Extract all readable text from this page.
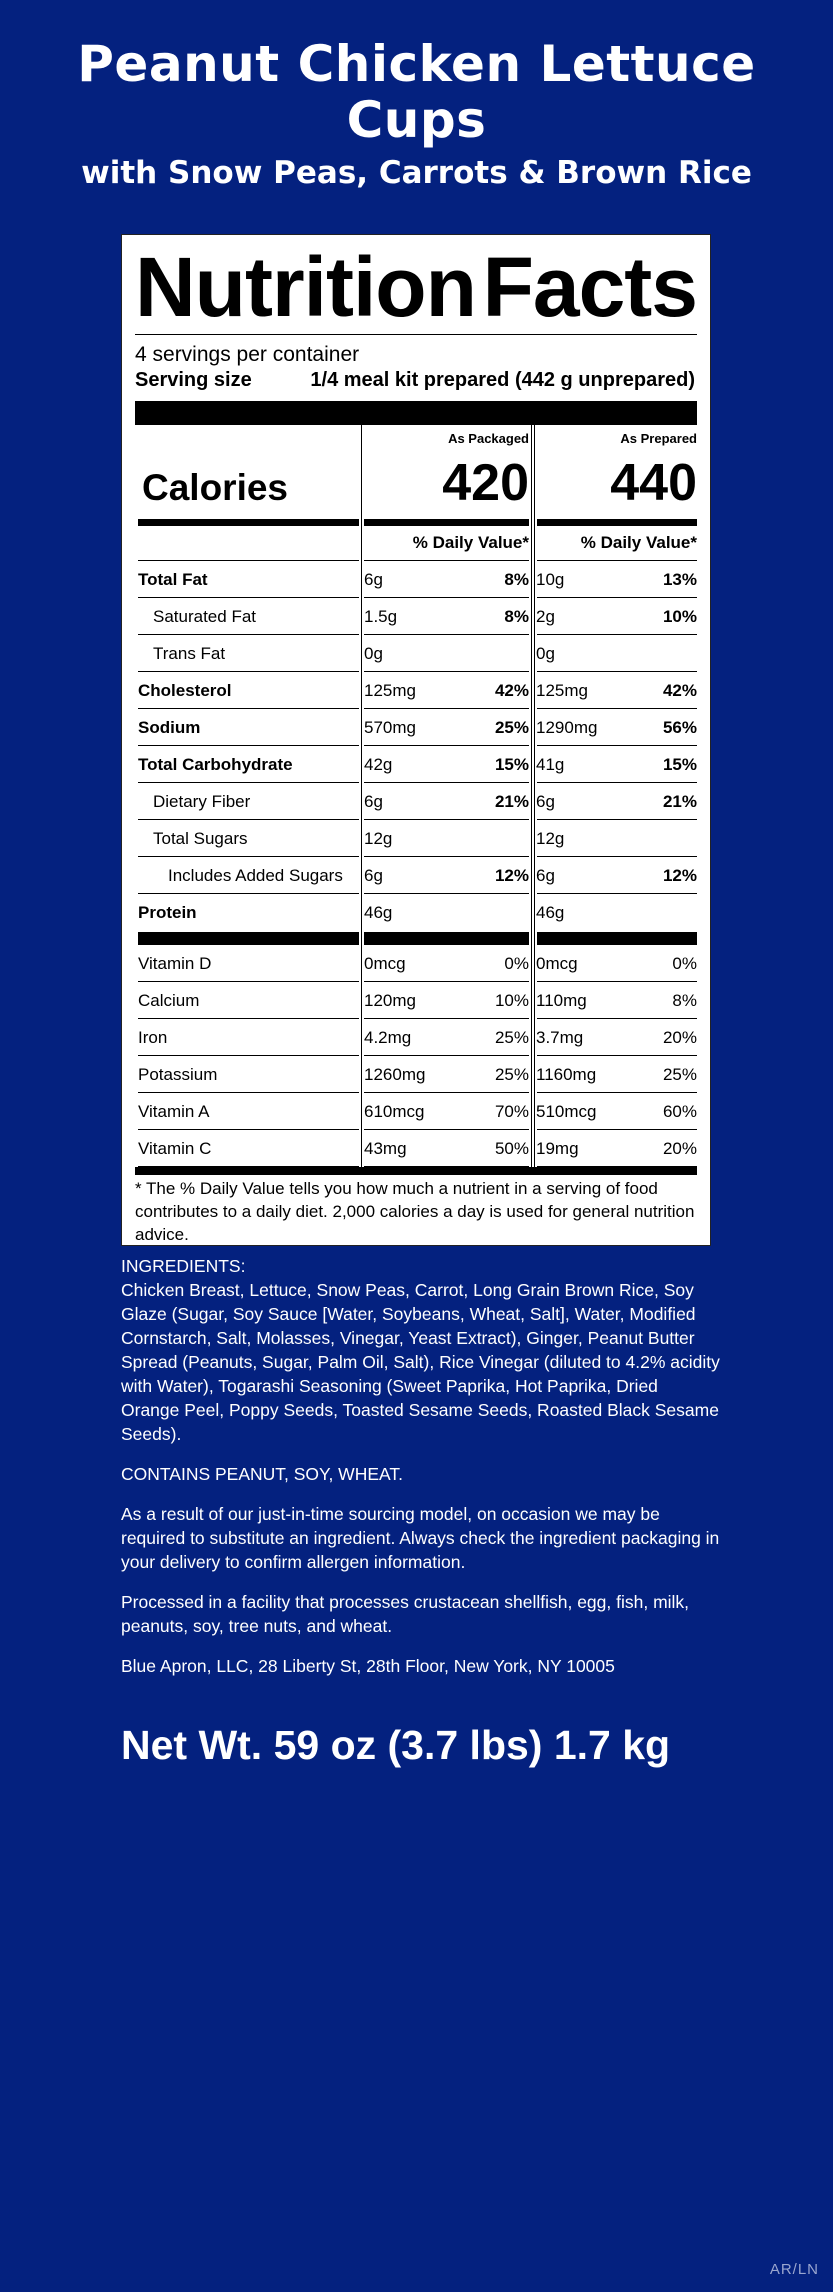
Peanut Chicken Lettuce Cups
with Snow Peas, Carrots & Brown Rice
Nutrition Facts
4 servings per container
Serving size	1/4 meal kit prepared (442 g unprepared)
Calories
As Packaged	As Prepared
420	440
% Daily Value*	% Daily Value*
Total Fat	6g	8% 10g	13%
Saturated Fat	1.5g	8% 2g	10%
Trans Fat	0g	0g
Cholesterol	125mg	42% 125mg	42%
Sodium	570mg	25% 1290mg	56%
Total Carbohydrate	42g	15% 41g	15%
Dietary Fiber	6g	21% 6g	21%
Total Sugars	12g	12g
Includes Added Sugars 6g	12% 6g	12%
Protein	46g	46g
Vitamin D	0mcg	0% 0mcg	0%
Calcium	120mg	10% 110mg	8%
Iron	4.2mg	25% 3.7mg	20%
Potassium	1260mg	25% 1160mg	25%
Vitamin A	610mcg	70% 510mcg	60%
Vitamin C	43mg	50% 19mg	20%
* The % Daily Value tells you how much a nutrient in a serving of food contributes to a daily diet. 2,000 calories a day is used for general nutrition advice.

INGREDIENTS:
Chicken Breast, Lettuce, Snow Peas, Carrot, Long Grain Brown Rice, Soy Glaze (Sugar, Soy Sauce [Water, Soybeans, Wheat, Salt], Water, Modified Cornstarch, Salt, Molasses, Vinegar, Yeast Extract), Ginger, Peanut Butter Spread (Peanuts, Sugar, Palm Oil, Salt), Rice Vinegar (diluted to 4.2% acidity with Water), Togarashi Seasoning (Sweet Paprika, Hot Paprika, Dried Orange Peel, Poppy Seeds, Toasted Sesame Seeds, Roasted Black Sesame Seeds).

CONTAINS PEANUT, SOY, WHEAT.

As a result of our just-in-time sourcing model, on occasion we may be required to substitute an ingredient. Always check the ingredient packaging in your delivery to confirm allergen information.

Processed in a facility that processes crustacean shellfish, egg, fish, milk, peanuts, soy, tree nuts, and wheat.

Blue Apron, LLC, 28 Liberty St, 28th Floor, New York, NY 10005

Net Wt. 59 oz (3.7 lbs) 1.7 kg
AR/LN
